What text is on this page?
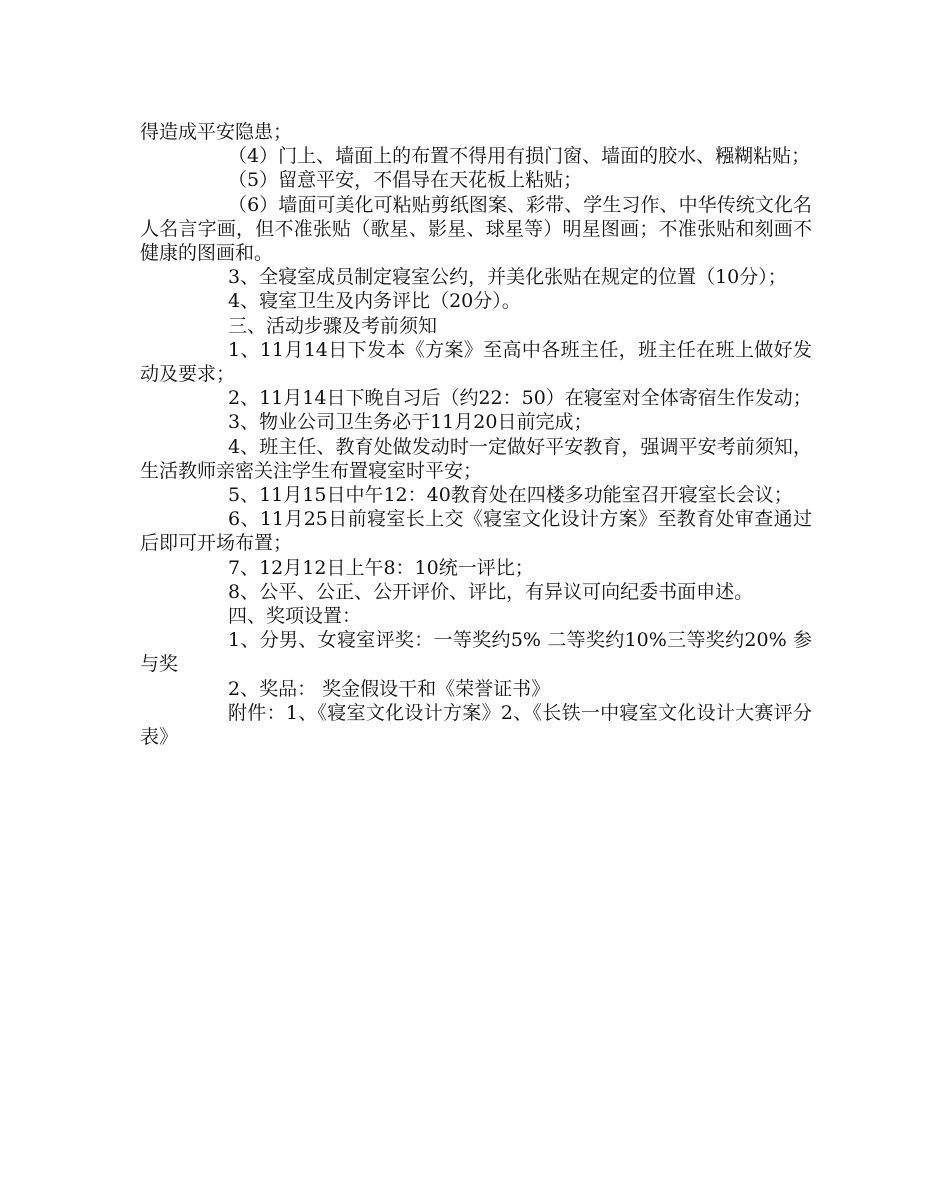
得造成平安隐患；

（4）门上、墙面上的布置不得用有损门窗、墙面的胶水、糨糊粘贴；

（5）留意平安，不倡导在天花板上粘贴；

（6）墙面可美化可粘贴剪纸图案、彩带、学生习作、中华传统文化名人名言字画，但不准张贴（歌星、影星、球星等）明星图画；不准张贴和刻画不健康的图画和。

3、全寝室成员制定寝室公约，并美化张贴在规定的位置（10分）；

4、寝室卫生及内务评比（20分）。

三、活动步骤及考前须知

1、11月14日下发本《方案》至高中各班主任，班主任在班上做好发动及要求；

2、11月14日下晚自习后（约22：50）在寝室对全体寄宿生作发动；

3、物业公司卫生务必于11月20日前完成；

4、班主任、教育处做发动时一定做好平安教育，强调平安考前须知，生活教师亲密关注学生布置寝室时平安；

5、11月15日中午12：40教育处在四楼多功能室召开寝室长会议；

6、11月25日前寝室长上交《寝室文化设计方案》至教育处审查通过后即可开场布置；

7、12月12日上午8：10统一评比；

8、公平、公正、公开评价、评比，有异议可向纪委书面申述。

四、奖项设置：

1、分男、女寝室评奖：一等奖约5% 二等奖约10%三等奖约20% 参与奖

2、奖品： 奖金假设干和《荣誉证书》

附件：1、《寝室文化设计方案》2、《长铁一中寝室文化设计大赛评分表》
